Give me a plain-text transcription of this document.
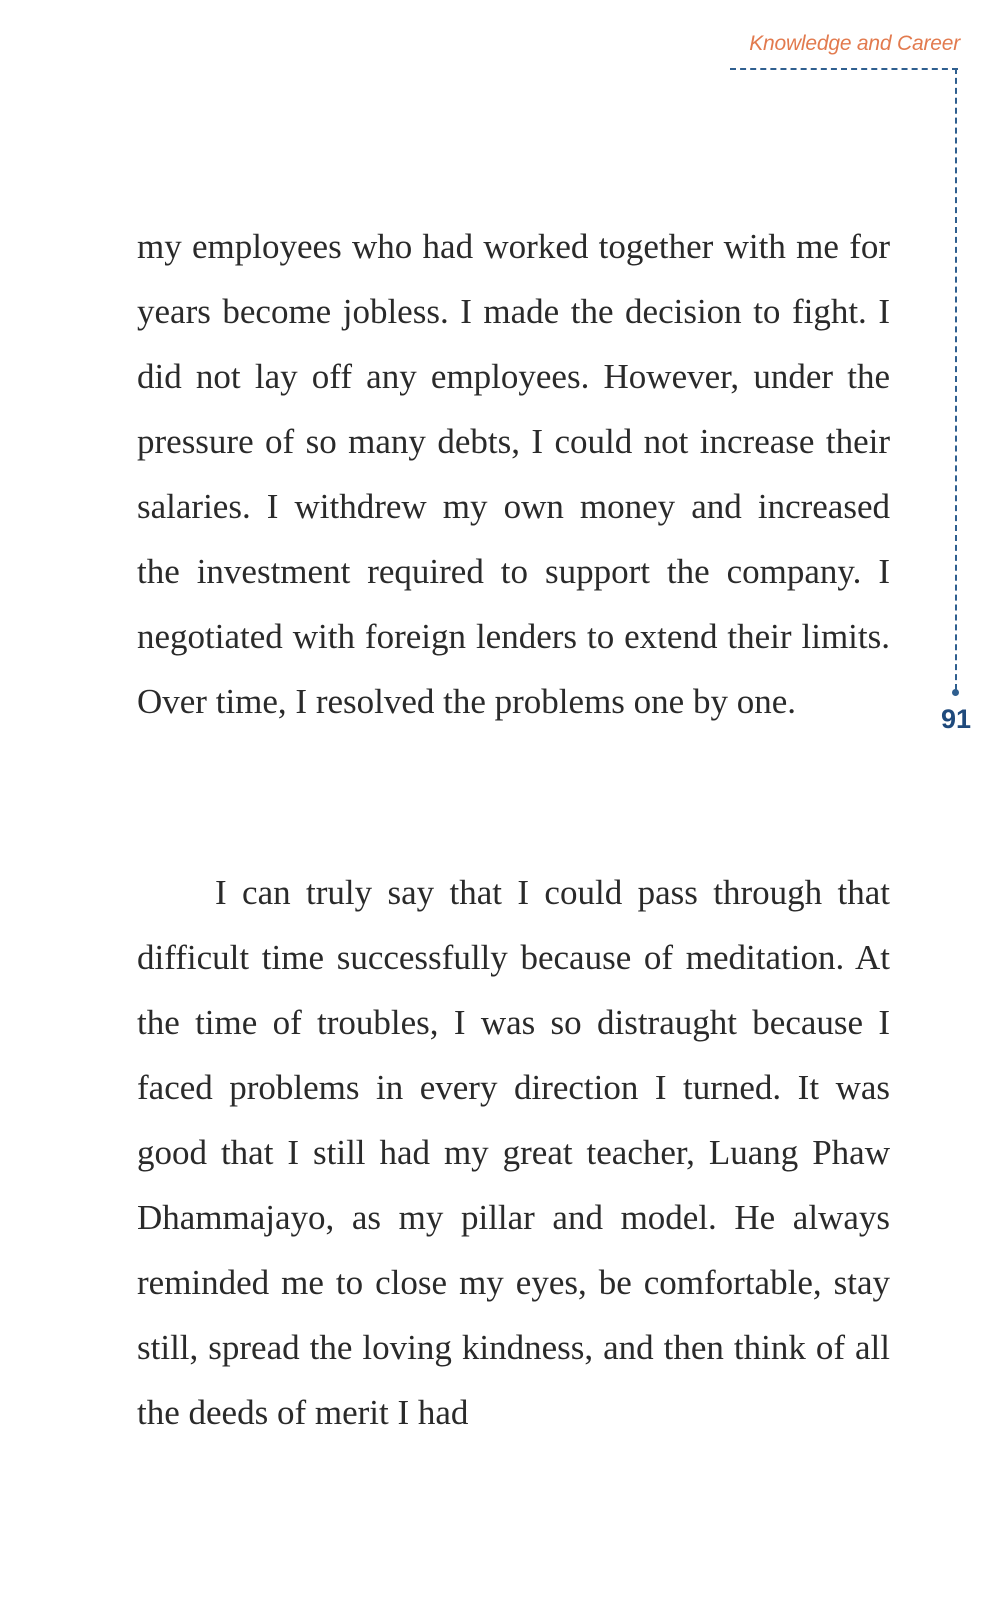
Knowledge and Career
91

my employees who had worked together with me for years become jobless. I made the decision to fight. I did not lay off any employees. However, under the pressure of so many debts, I could not increase their salaries. I withdrew my own money and increased the investment required to support the company. I negotiated with foreign lenders to extend their limits. Over time, I resolved the problems one by one.

I can truly say that I could pass through that difficult time successfully because of meditation. At the time of troubles, I was so distraught because I faced problems in every direction I turned. It was good that I still had my great teacher, Luang Phaw Dhammajayo, as my pillar and model. He always reminded me to close my eyes, be comfortable, stay still, spread the loving kindness, and then think of all the deeds of merit I had
